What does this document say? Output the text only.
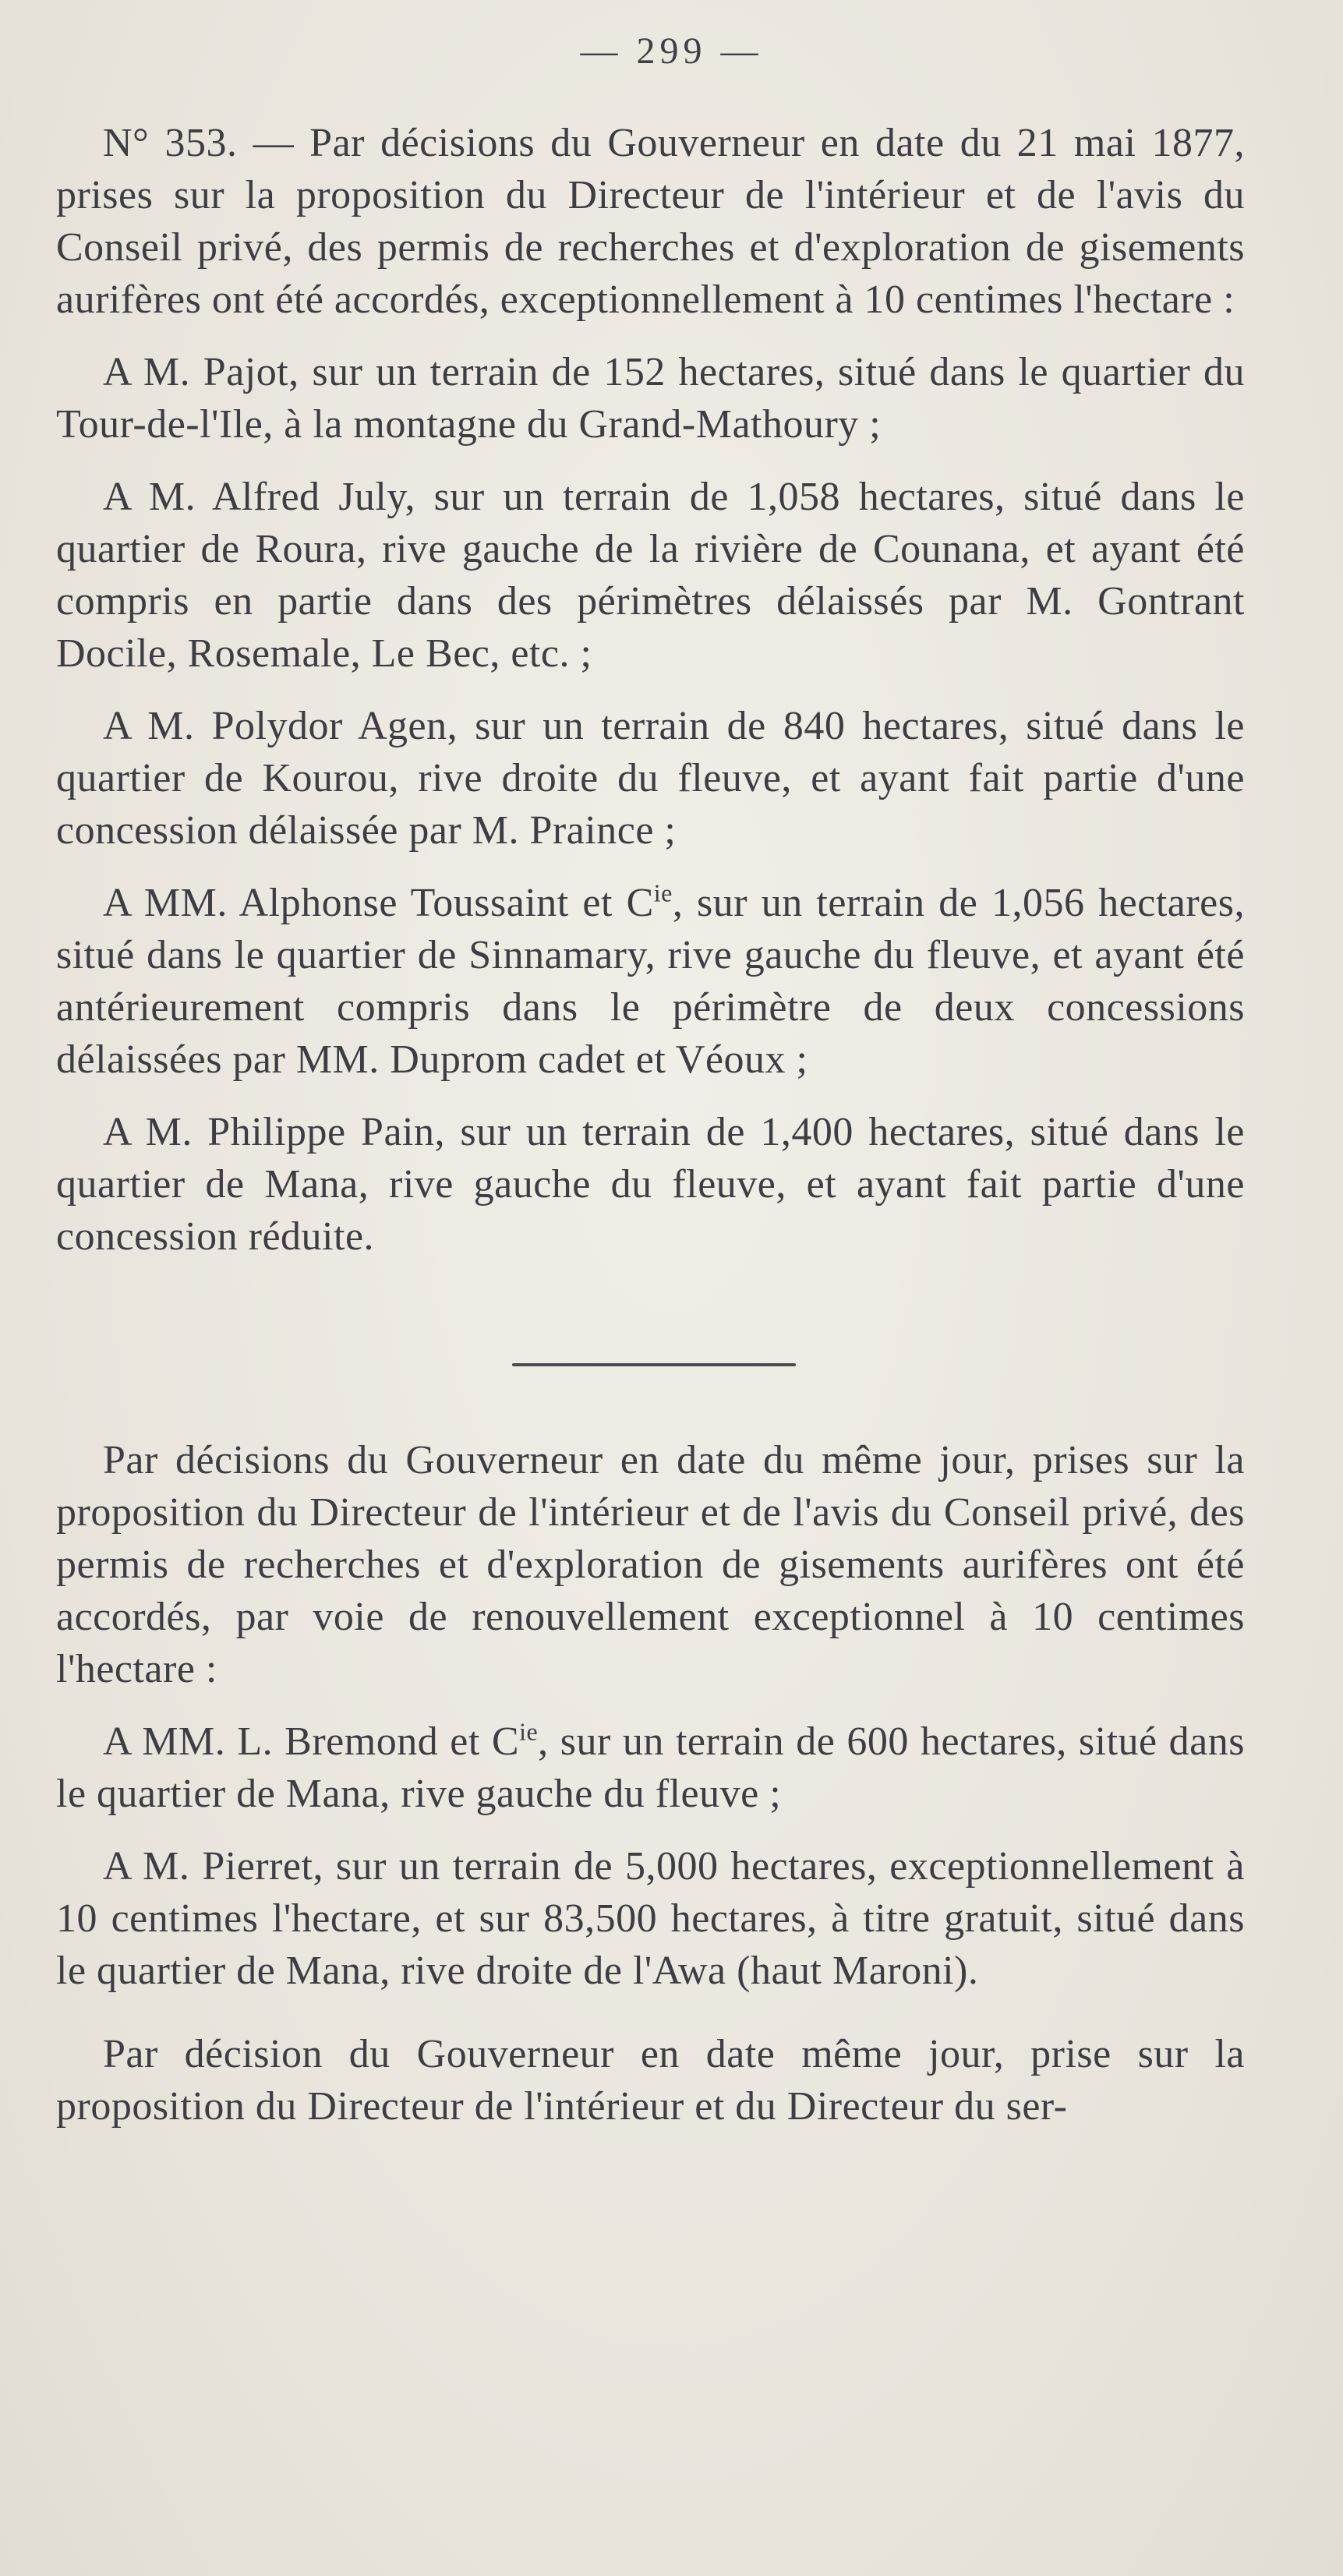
— 299 —

N° 353. — Par décisions du Gouverneur en date du 21 mai 1877, prises sur la proposition du Directeur de l'intérieur et de l'avis du Conseil privé, des permis de recherches et d'exploration de gisements aurifères ont été accordés, exceptionnellement à 10 centimes l'hectare :

A M. Pajot, sur un terrain de 152 hectares, situé dans le quartier du Tour-de-l'Ile, à la montagne du Grand-Mathoury ;

A M. Alfred July, sur un terrain de 1,058 hectares, situé dans le quartier de Roura, rive gauche de la rivière de Counana, et ayant été compris en partie dans des périmètres délaissés par M. Gontrant Docile, Rosemale, Le Bec, etc. ;

A M. Polydor Agen, sur un terrain de 840 hectares, situé dans le quartier de Kourou, rive droite du fleuve, et ayant fait partie d'une concession délaissée par M. Praince ;

A MM. Alphonse Toussaint et $C^{ie}$, sur un terrain de 1,056 hectares, situé dans le quartier de Sinnamary, rive gauche du fleuve, et ayant été antérieurement compris dans le périmètre de deux concessions délaissées par MM. Duprom cadet et Véoux ;

A M. Philippe Pain, sur un terrain de 1,400 hectares, situé dans le quartier de Mana, rive gauche du fleuve, et ayant fait partie d'une concession réduite.

Par décisions du Gouverneur en date du même jour, prises sur la proposition du Directeur de l'intérieur et de l'avis du Conseil privé, des permis de recherches et d'exploration de gisements aurifères ont été accordés, par voie de renouvellement exceptionnel à 10 centimes l'hectare :

A MM. L. Bremond et $C^{ie}$, sur un terrain de 600 hectares, situé dans le quartier de Mana, rive gauche du fleuve ;

A M. Pierret, sur un terrain de 5,000 hectares, exceptionnellement à 10 centimes l'hectare, et sur 83,500 hectares, à titre gratuit, situé dans le quartier de Mana, rive droite de l'Awa (haut Maroni).

Par décision du Gouverneur en date même jour, prise sur la proposition du Directeur de l'intérieur et du Directeur du ser-
